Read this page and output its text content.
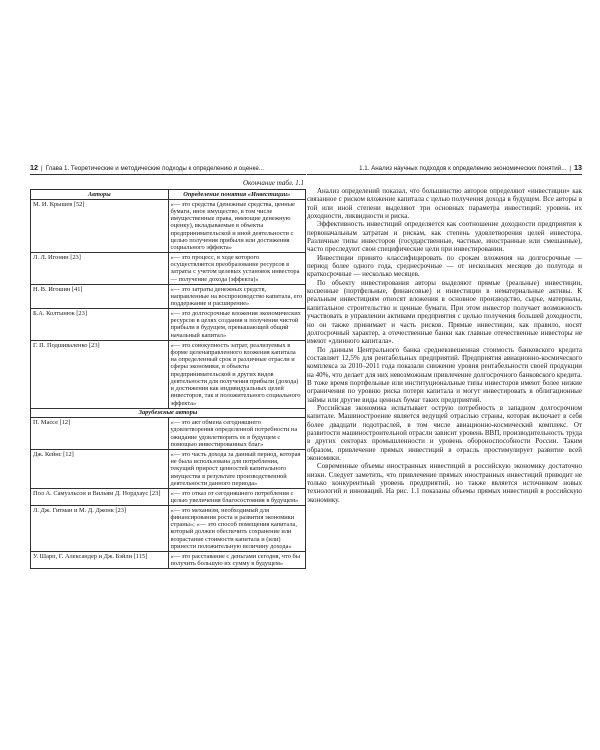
12 | Глава 1. Теоретические и методические подходы к определению и оценке...
Окончание табл. 1.1
Авторы	Определение понятия «Инвестиции»
М. И. Крышев [52]	«— это средства (денежные средства, ценные бумаги, иное имущество, в том числе имущественные права, имеющие денежную оценку), вкладываемые в объекты предпринимательской и иной деятельности с целью получения прибыли или достижения социального эффекта»
Л. Л. Игонин [23]	«— это процесс, в ходе которого осуществляется преобразование ресурсов в затраты с учетом целевых установок инвестора — получение дохода (эффекта)»
Н. В. Игошин [41]	«— это затраты денежных средств, направленные на воспроизводство капитала, его поддержание и расширение»
Б.А. Колтынюк [23]	«— это долгосрочные вложения экономических ресурсов в целях создания и получения чистой прибыли в будущем, превышающей общий начальный капитал»
Г. П. Подшиваленко [23]	«— это совокупность затрат, реализуемых в форме целенаправленного вложения капитала на определенный срок в различные отрасли и сферы экономики, в объекты предпринимательской и других видов деятельности для получения прибыли (дохода) и достижения как индивидуальных целей инвесторов, так и положительного социального эффекта»
Зарубежные авторы	
П. Массе [12]	«— это акт обмена сегодняшнего удовлетворения определенной потребности на ожидание удовлетворить ее в будущем с помощью инвестированных благ»
Дж. Кейнс [12]	«— это часть дохода за данный период, которая не была использована для потребления, текущий прирост ценностей капитального имущества в результате производственной деятельности данного периода»
Пол А. Самуэльсон и Вильям Д. Нордхаус [23]	«— это отказ от сегодняшнего потребления с целью увеличения благосостояния в будущем»
Л. Дж. Гитман и М. Д. Джонк [23]	«— это механизм, необходимый для финансирования роста и развития экономики страны»; «— это способ помещения капитала, который должен обеспечить сохранение или возрастание стоимости капитала и (или) принести положительную величину дохода»
У. Шарп, Г. Александер и Дж. Бэйли [115]	«— это расставание с деньгами сегодня, что бы получить большую их сумму в будущем»
1.1. Анализ научных подходов к определению экономических понятий... | 13

Анализ определений показал, что большинство авторов определяют «инвестиции» как связанное с риском вложение капитала с целью получения дохода в будущем. Все авторы в той или иной степени выделяют три основных параметра инвестиций: уровень их доходности, ликвидности и риска.

Эффективность инвестиций определяется как соотношение доходности предприятия к первоначальным затратам и рискам, как степень удовлетворения целей инвестора. Различные типы инвесторов (государственные, частные, иностранные или смешанные), часто преследуют свои специфические цели при инвестировании.

Инвестиции принято классифицировать по срокам вложения на долгосрочные — период более одного года, среднесрочные — от нескольких месяцев до полугода и краткосрочные — несколько месяцев.

По объекту инвестирования авторы выделяют прямые (реальные) инвестиции, косвенные (портфельные, финансовые) и инвестиции в нематериальные активы. К реальным инвестициям относят вложения в основное производство, сырье, материалы, капитальное строительство и ценные бумаги. При этом инвестор получает возможность участвовать в управлении активами предприятия с целью получения большей доходности, но он также принимает и часть рисков. Прямые инвестиции, как правило, носят долгосрочный характер, а отечественные банки как главные отечественные инвесторы не имеют «длинного капитала».

По данным Центрального банка средневзвешенная стоимость банковского кредита составляет 12,5% для рентабельных предприятий. Предприятия авиационно-космического комплекса за 2010–2011 года показали снижение уровня рентабельности своей продукции на 40%, что делает для них невозможным привлечение долгосрочного банковского кредита. В тоже время портфельные или институциональные типы инвесторов имеют более низкие ограничения по уровню риска потери капитала и могут инвестировать в облигационные займы или другие виды ценных бумаг таких предприятий.

Российская экономика испытывает острую потребность в западном долгосрочном капитале. Машиностроение является ведущей отраслью страны, которая включает в себя более двадцати подотраслей, в том числе авиационно-космический комплекс. От развитости машиностроительной отрасли зависит уровень ВВП, производительность труда в других секторах промышленности и уровень обороноспособности России. Таким образом, привлечение прямых инвестиций в отрасль простимулирует развитие всей экономики.

Современные объемы иностранных инвестиций в российскую экономику достаточно низки. Следует заметить, что привлечение прямых иностранных инвестиций приводит не только конкурентный уровень предприятий, но также является источником новых технологий и инноваций. На рис. 1.1 показаны объемы прямых инвестиций в российскую экономику.
